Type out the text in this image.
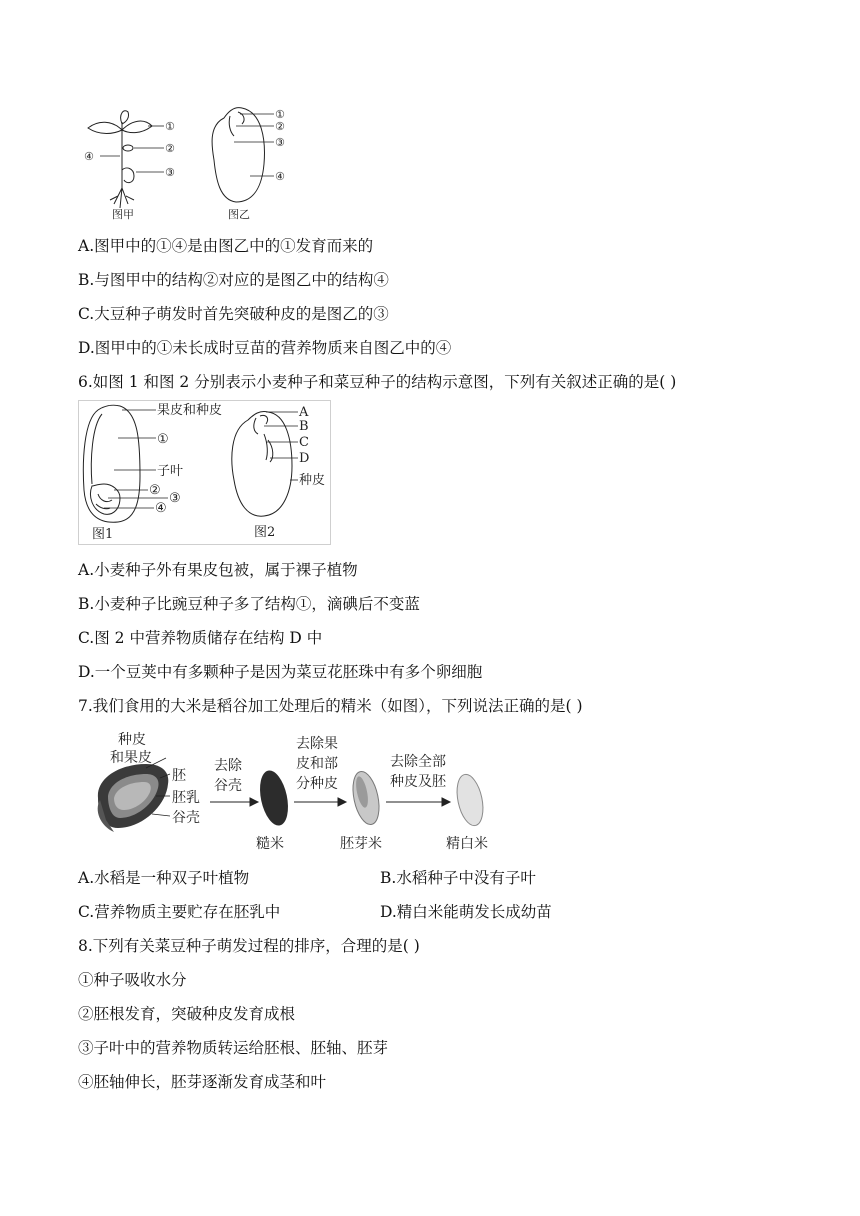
①
②
③
④
图甲
①
②
③
④
图乙
A.图甲中的①④是由图乙中的①发育而来的
B.与图甲中的结构②对应的是图乙中的结构④
C.大豆种子萌发时首先突破种皮的是图乙的③
D.图甲中的①未长成时豆苗的营养物质来自图乙中的④
6.如图 1 和图 2 分别表示小麦种子和菜豆种子的结构示意图，下列有关叙述正确的是( )
果皮和种皮
①
子叶
②
③
④
图1
A
B
C
D
种皮
图2
A.小麦种子外有果皮包被，属于裸子植物
B.小麦种子比豌豆种子多了结构①，滴碘后不变蓝
C.图 2 中营养物质储存在结构 D 中
D.一个豆荚中有多颗种子是因为菜豆花胚珠中有多个卵细胞
7.我们食用的大米是稻谷加工处理后的精米（如图），下列说法正确的是( )
种皮
和果皮
胚
胚乳
谷壳
去除
谷壳
糙米
去除果
皮和部
分种皮
胚芽米
去除全部
种皮及胚
精白米
A.水稻是一种双子叶植物	B.水稻种子中没有子叶
C.营养物质主要贮存在胚乳中	D.精白米能萌发长成幼苗
8.下列有关菜豆种子萌发过程的排序，合理的是( )
①种子吸收水分
②胚根发育，突破种皮发育成根
③子叶中的营养物质转运给胚根、胚轴、胚芽
④胚轴伸长，胚芽逐渐发育成茎和叶
